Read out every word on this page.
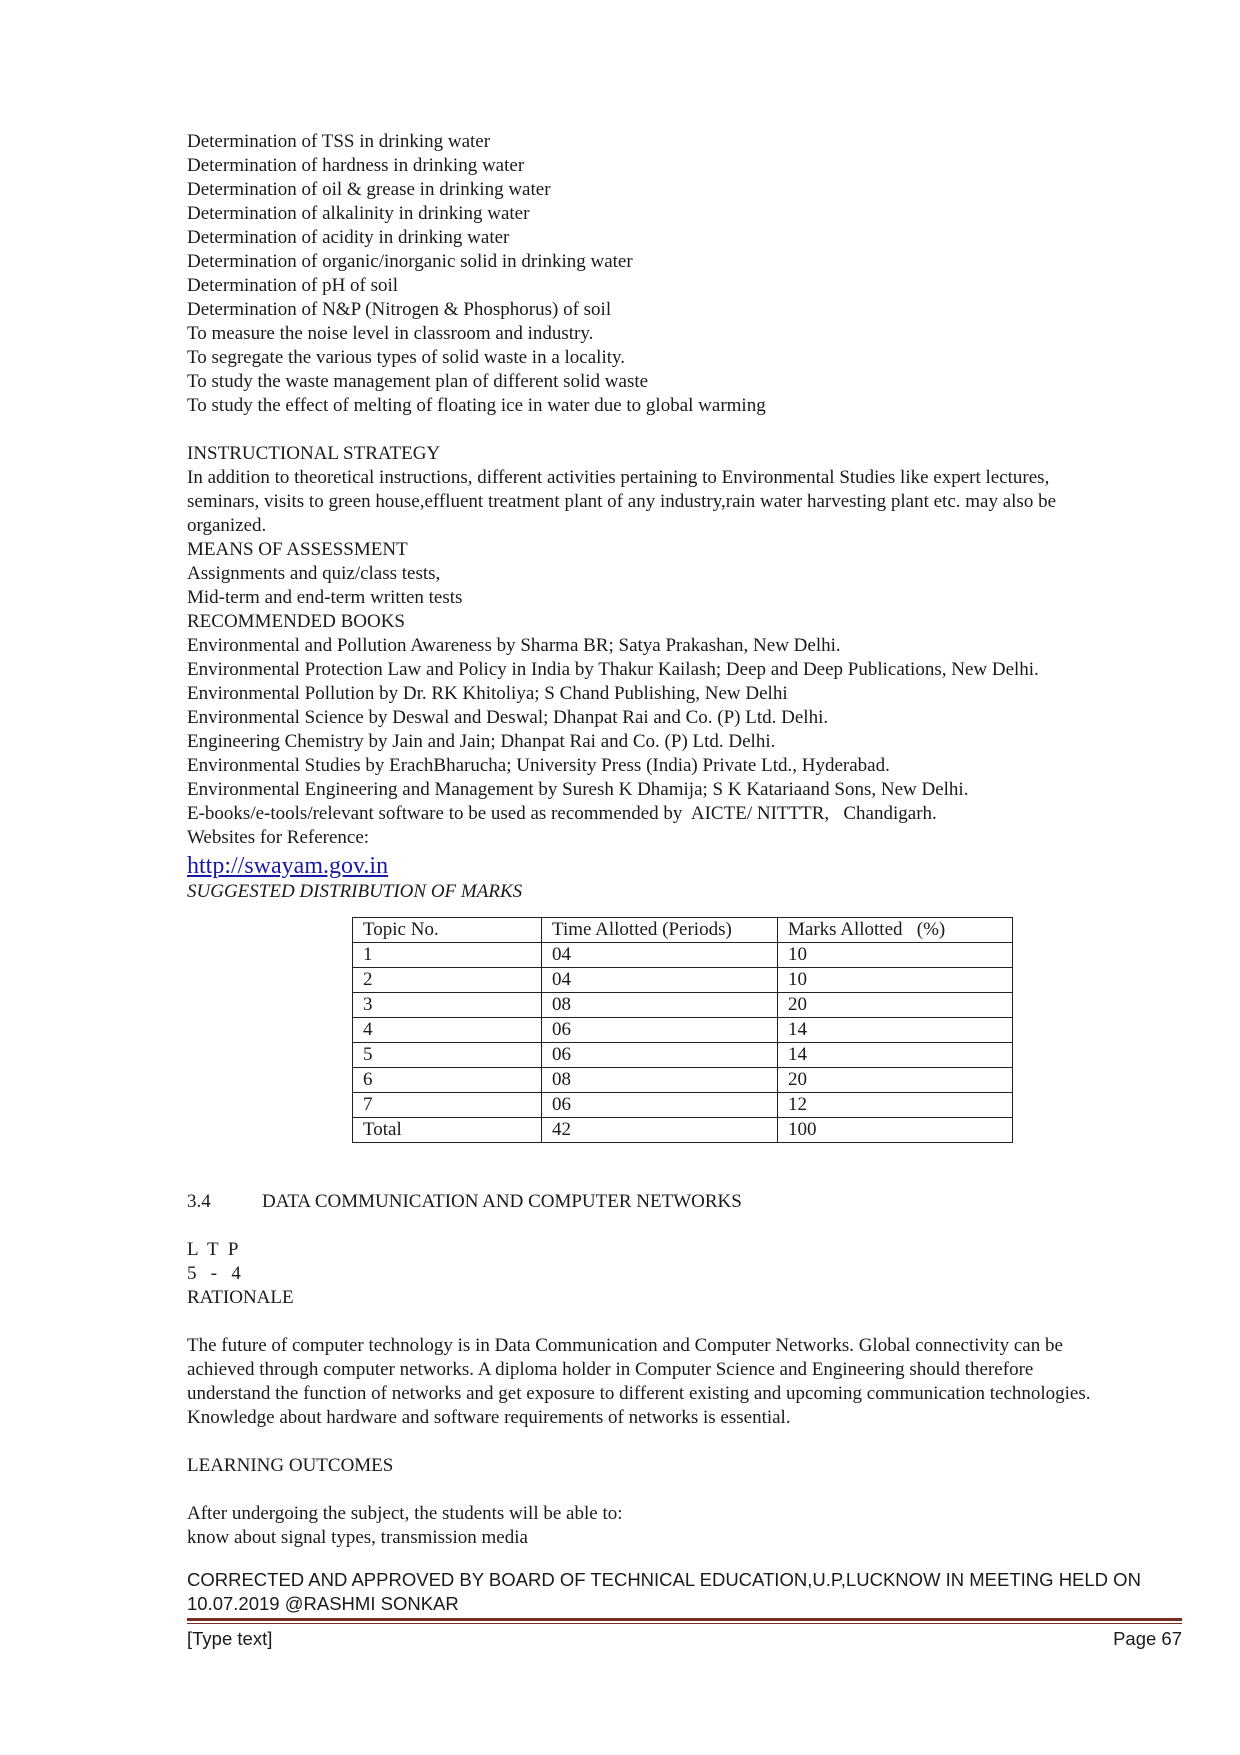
Determination of TSS in drinking water
Determination of hardness in drinking water
Determination of oil & grease in drinking water
Determination of alkalinity in drinking water
Determination of acidity in drinking water
Determination of organic/inorganic solid in drinking water
Determination of pH of soil
Determination of N&P (Nitrogen & Phosphorus) of soil
To measure the noise level in classroom and industry.
To segregate the various types of solid waste in a locality.
To study the waste management plan of different solid waste
To study the effect of melting of floating ice in water due to global warming
INSTRUCTIONAL STRATEGY
In addition to theoretical instructions, different activities pertaining to Environmental Studies like expert lectures,
seminars, visits to green house,effluent treatment plant of any industry,rain water harvesting plant etc. may also be
organized.
MEANS OF ASSESSMENT
Assignments and quiz/class tests,
Mid-term and end-term written tests
RECOMMENDED BOOKS
Environmental and Pollution Awareness by Sharma BR; Satya Prakashan, New Delhi.
Environmental Protection Law and Policy in India by Thakur Kailash; Deep and Deep Publications, New Delhi.
Environmental Pollution by Dr. RK Khitoliya; S Chand Publishing, New Delhi
Environmental Science by Deswal and Deswal; Dhanpat Rai and Co. (P) Ltd. Delhi.
Engineering Chemistry by Jain and Jain; Dhanpat Rai and Co. (P) Ltd. Delhi.
Environmental Studies by ErachBharucha; University Press (India) Private Ltd., Hyderabad.
Environmental Engineering and Management by Suresh K Dhamija; S K Katariaand Sons, New Delhi.
E-books/e-tools/relevant software to be used as recommended by  AICTE/ NITTTR,   Chandigarh.
Websites for Reference:
http://swayam.gov.in
SUGGESTED DISTRIBUTION OF MARKS
Topic No.	Time Allotted (Periods)	Marks Allotted   (%)
1	04	10
2	04	10
3	08	20
4	06	14
5	06	14
6	08	20
7	06	12
Total	42	100
3.4	DATA COMMUNICATION AND COMPUTER NETWORKS
L  T  P
5   -   4
RATIONALE
The future of computer technology is in Data Communication and Computer Networks. Global connectivity can be
achieved through computer networks. A diploma holder in Computer Science and Engineering should therefore
understand the function of networks and get exposure to different existing and upcoming communication technologies.
Knowledge about hardware and software requirements of networks is essential.
LEARNING OUTCOMES
After undergoing the subject, the students will be able to:
know about signal types, transmission media
CORRECTED AND APPROVED BY BOARD OF TECHNICAL EDUCATION,U.P,LUCKNOW IN MEETING HELD ON
10.07.2019 @RASHMI SONKAR
[Type text]	Page 67
